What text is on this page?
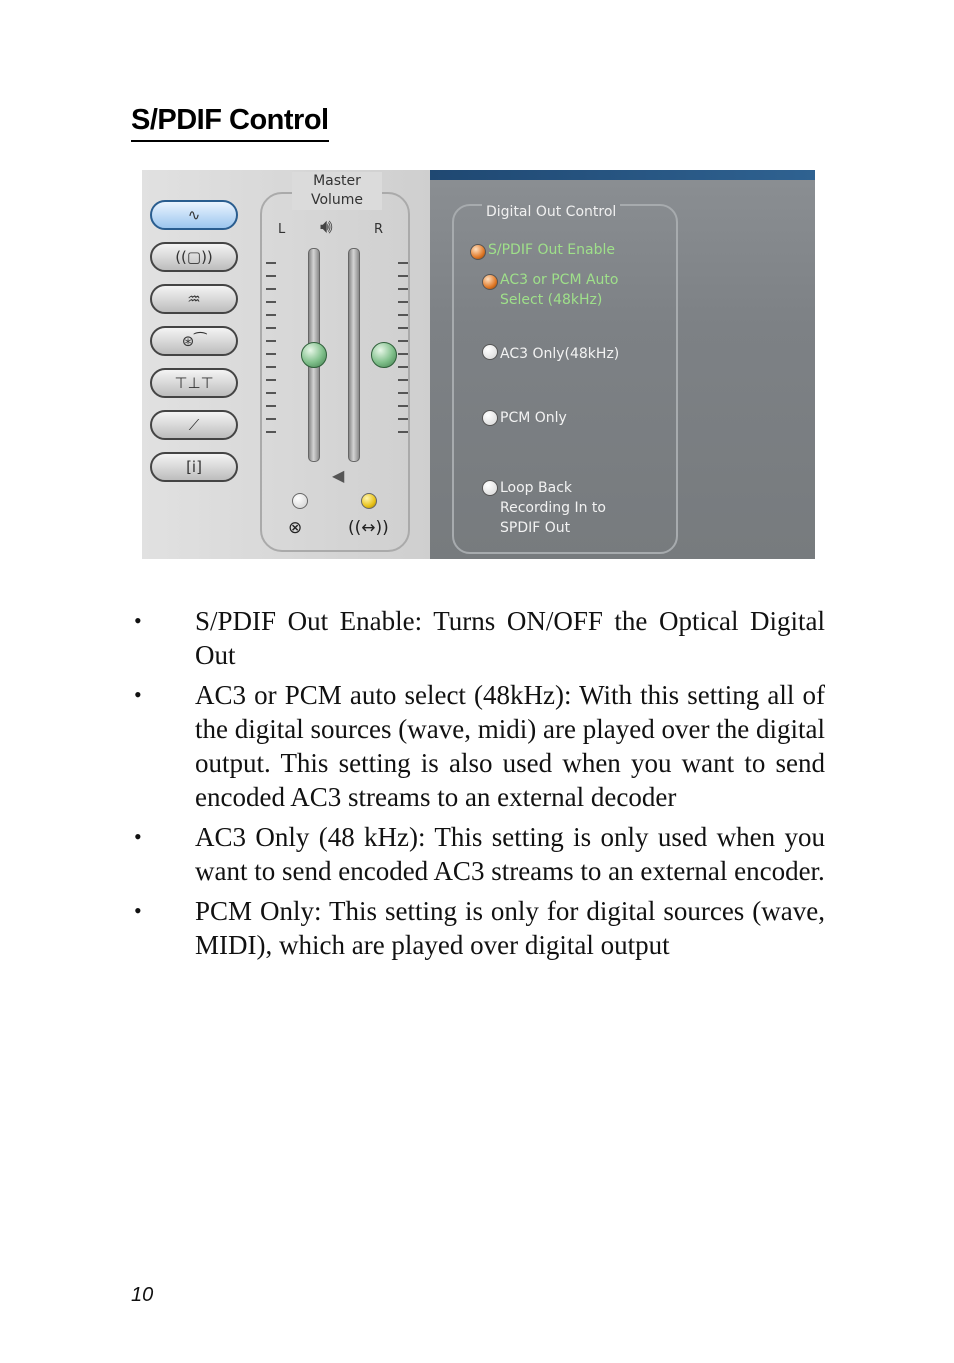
S/PDIF Control
∿
((▢))
♒
⊛⁀
⊤⊥⊤
⟋
[i]
Master
Volume
🔊︎
L	R
◀
⊗	((↔))
Digital Out Control
S/PDIF Out Enable
AC3 or PCM Auto
Select (48kHz)
AC3 Only(48kHz)
PCM Only
Loop Back
Recording In to
SPDIF Out
• S/PDIF Out Enable: Turns ON/OFF the Optical Digital Out
• AC3 or PCM auto select (48kHz): With this setting all of the digital sources (wave, midi) are played over the digital output. This setting is also used when you want to send encoded AC3 streams to an external decoder
• AC3 Only (48 kHz): This setting is only used when you want to send encoded AC3 streams to an external encoder.
• PCM Only: This setting is only for digital sources (wave, MIDI), which are played over digital output
10
